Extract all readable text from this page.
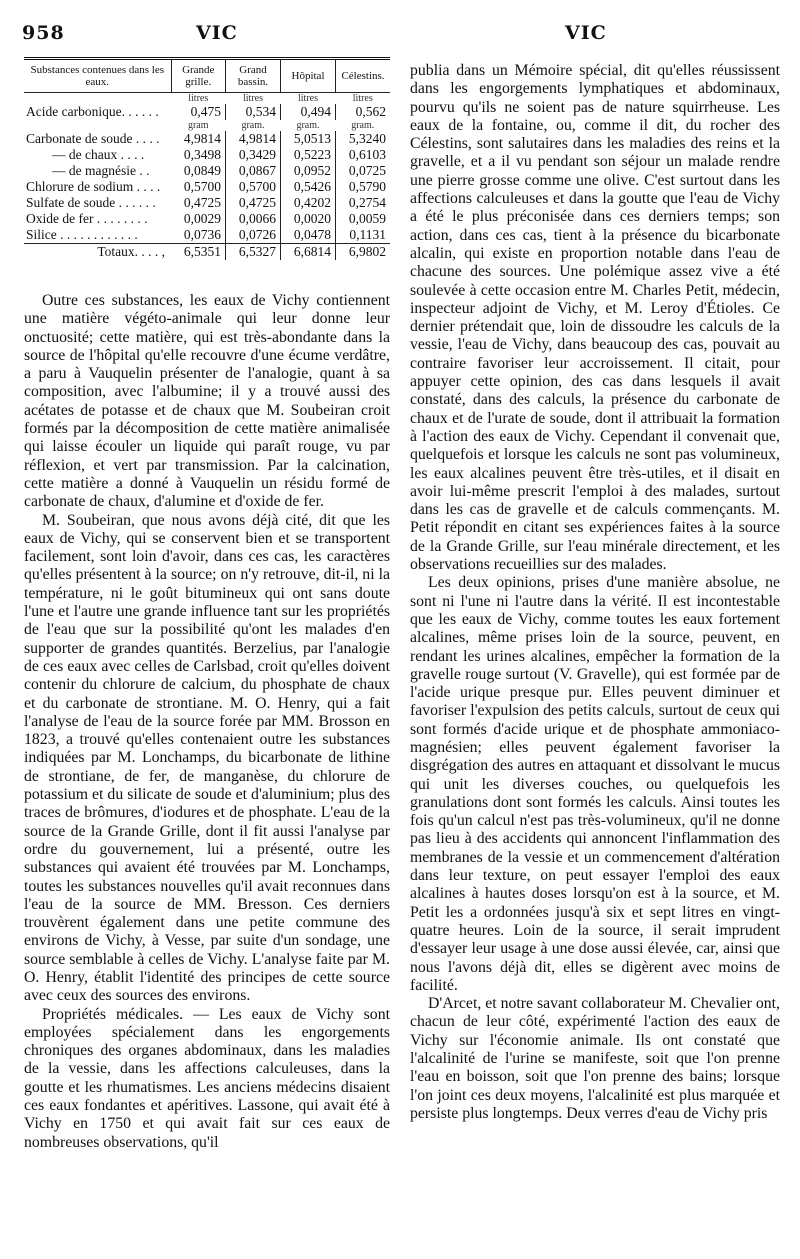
958	VIC	VIC
Substances contenues dans les eaux.	Grande grille.	Grand bassin.	Hôpital	Célestins.
	litres	litres	litres	litres
Acide carbonique. . . . . .	0,475	0,534	0,494	0,562
	gram	gram.	gram.	gram.
Carbonate de soude . . . .	4,9814	4,9814	5,0513	5,3240
— de chaux . . . .	0,3498	0,3429	0,5223	0,6103
— de magnésie . .	0,0849	0,0867	0,0952	0,0725
Chlorure de sodium . . . .	0,5700	0,5700	0,5426	0,5790
Sulfate de soude . . . . . .	0,4725	0,4725	0,4202	0,2754
Oxide de fer . . . . . . . .	0,0029	0,0066	0,0020	0,0059
Silice . . . . . . . . . . . .	0,0736	0,0726	0,0478	0,1131
Totaux. . . . ,	6,5351	6,5327	6,6814	6,9802

Outre ces substances, les eaux de Vichy contiennent une matière végéto-animale qui leur donne leur onctuosité; cette matière, qui est très-abondante dans la source de l'hôpital qu'elle recouvre d'une écume verdâtre, a paru à Vauquelin présenter de l'analogie, quant à sa composition, avec l'albumine; il y a trouvé aussi des acétates de potasse et de chaux que M. Soubeiran croit formés par la décomposition de cette matière animalisée qui laisse écouler un liquide qui paraît rouge, vu par réflexion, et vert par transmission. Par la calcination, cette matière a donné à Vauquelin un résidu formé de carbonate de chaux, d'alumine et d'oxide de fer.

M. Soubeiran, que nous avons déjà cité, dit que les eaux de Vichy, qui se conservent bien et se transportent facilement, sont loin d'avoir, dans ces cas, les caractères qu'elles présentent à la source; on n'y retrouve, dit-il, ni la température, ni le goût bitumineux qui ont sans doute l'une et l'autre une grande influence tant sur les propriétés de l'eau que sur la possibilité qu'ont les malades d'en supporter de grandes quantités. Berzelius, par l'analogie de ces eaux avec celles de Carlsbad, croit qu'elles doivent contenir du chlorure de calcium, du phosphate de chaux et du carbonate de strontiane. M. O. Henry, qui a fait l'analyse de l'eau de la source forée par MM. Brosson en 1823, a trouvé qu'elles contenaient outre les substances indiquées par M. Lonchamps, du bicarbonate de lithine de strontiane, de fer, de manganèse, du chlorure de potassium et du silicate de soude et d'aluminium; plus des traces de brômures, d'iodures et de phosphate. L'eau de la source de la Grande Grille, dont il fit aussi l'analyse par ordre du gouvernement, lui a présenté, outre les substances qui avaient été trouvées par M. Lonchamps, toutes les substances nouvelles qu'il avait reconnues dans l'eau de la source de MM. Bresson. Ces derniers trouvèrent également dans une petite commune des environs de Vichy, à Vesse, par suite d'un sondage, une source semblable à celles de Vichy. L'analyse faite par M. O. Henry, établit l'identité des principes de cette source avec ceux des sources des environs.

Propriétés médicales. — Les eaux de Vichy sont employées spécialement dans les engorgements chroniques des organes abdominaux, dans les maladies de la vessie, dans les affections calculeuses, dans la goutte et les rhumatismes. Les anciens médecins disaient ces eaux fondantes et apéritives. Lassone, qui avait été à Vichy en 1750 et qui avait fait sur ces eaux de nombreuses observations, qu'il

publia dans un Mémoire spécial, dit qu'elles réussissent dans les engorgements lymphatiques et abdominaux, pourvu qu'ils ne soient pas de nature squirrheuse. Les eaux de la fontaine, ou, comme il dit, du rocher des Célestins, sont salutaires dans les maladies des reins et la gravelle, et a il vu pendant son séjour un malade rendre une pierre grosse comme une olive. C'est surtout dans les affections calculeuses et dans la goutte que l'eau de Vichy a été le plus préconisée dans ces derniers temps; son action, dans ces cas, tient à la présence du bicarbonate alcalin, qui existe en proportion notable dans l'eau de chacune des sources. Une polémique assez vive a été soulevée à cette occasion entre M. Charles Petit, médecin, inspecteur adjoint de Vichy, et M. Leroy d'Étioles. Ce dernier prétendait que, loin de dissoudre les calculs de la vessie, l'eau de Vichy, dans beaucoup des cas, pouvait au contraire favoriser leur accroissement. Il citait, pour appuyer cette opinion, des cas dans lesquels il avait constaté, dans des calculs, la présence du carbonate de chaux et de l'urate de soude, dont il attribuait la formation à l'action des eaux de Vichy. Cependant il convenait que, quelquefois et lorsque les calculs ne sont pas volumineux, les eaux alcalines peuvent être très-utiles, et il disait en avoir lui-même prescrit l'emploi à des malades, surtout dans les cas de gravelle et de calculs commençants. M. Petit répondit en citant ses expériences faites à la source de la Grande Grille, sur l'eau minérale directement, et les observations recueillies sur des malades.

Les deux opinions, prises d'une manière absolue, ne sont ni l'une ni l'autre dans la vérité. Il est incontestable que les eaux de Vichy, comme toutes les eaux fortement alcalines, même prises loin de la source, peuvent, en rendant les urines alcalines, empêcher la formation de la gravelle rouge surtout (V. Gravelle), qui est formée par de l'acide urique presque pur. Elles peuvent diminuer et favoriser l'expulsion des petits calculs, surtout de ceux qui sont formés d'acide urique et de phosphate ammoniaco-magnésien; elles peuvent également favoriser la disgrégation des autres en attaquant et dissolvant le mucus qui unit les diverses couches, ou quelquefois les granulations dont sont formés les calculs. Ainsi toutes les fois qu'un calcul n'est pas très-volumineux, qu'il ne donne pas lieu à des accidents qui annoncent l'inflammation des membranes de la vessie et un commencement d'altération dans leur texture, on peut essayer l'emploi des eaux alcalines à hautes doses lorsqu'on est à la source, et M. Petit les a ordonnées jusqu'à six et sept litres en vingt-quatre heures. Loin de la source, il serait imprudent d'essayer leur usage à une dose aussi élevée, car, ainsi que nous l'avons déjà dit, elles se digèrent avec moins de facilité.

D'Arcet, et notre savant collaborateur M. Chevalier ont, chacun de leur côté, expérimenté l'action des eaux de Vichy sur l'économie animale. Ils ont constaté que l'alcalinité de l'urine se manifeste, soit que l'on prenne l'eau en boisson, soit que l'on prenne des bains; lorsque l'on joint ces deux moyens, l'alcalinité est plus marquée et persiste plus longtemps. Deux verres d'eau de Vichy pris
